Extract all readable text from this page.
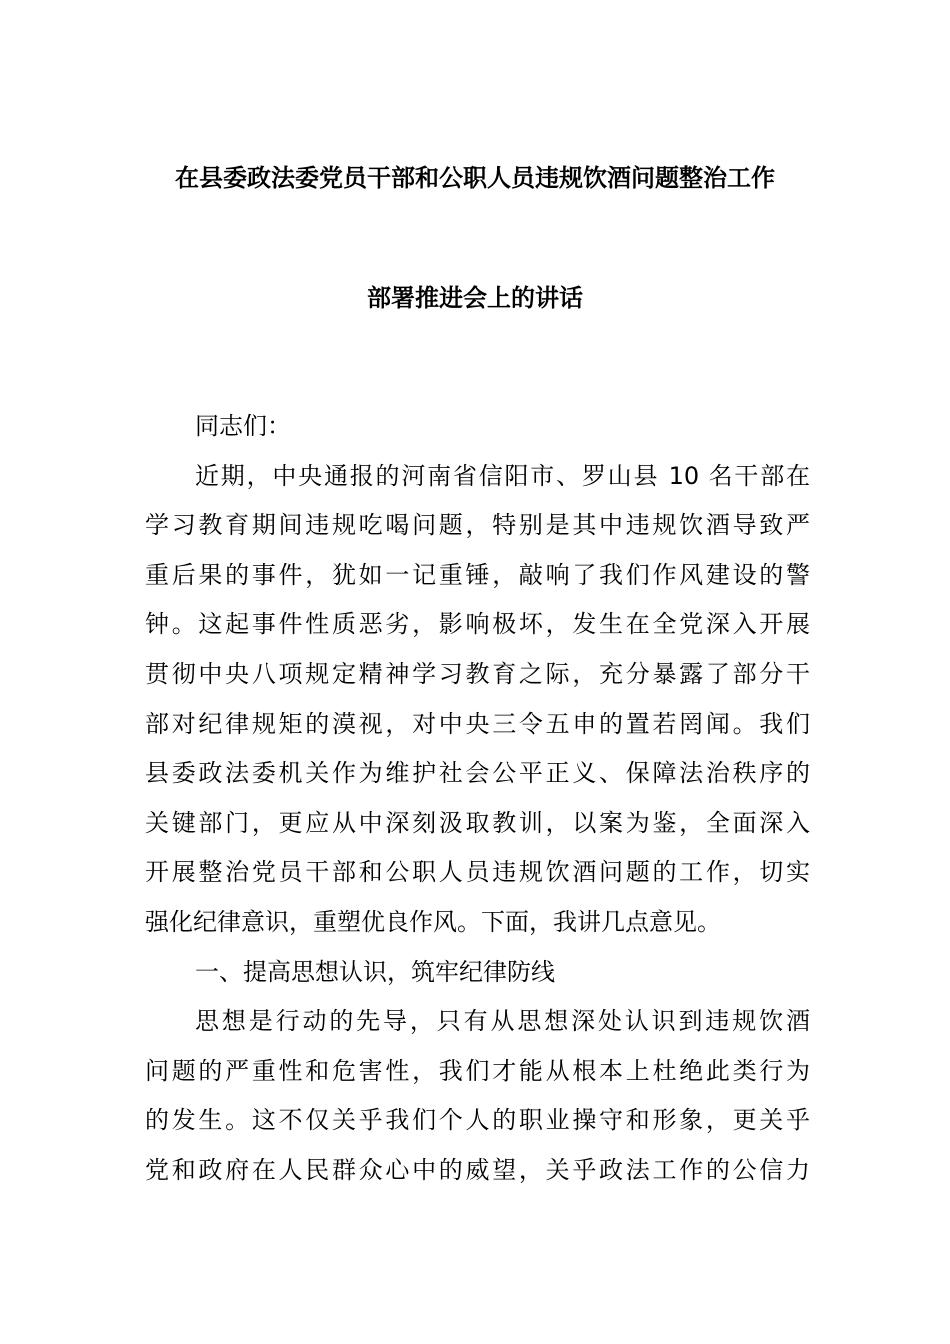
在县委政法委党员干部和公职人员违规饮酒问题整治工作
部署推进会上的讲话
同志们：
近期，中央通报的河南省信阳市、罗山县 10 名干部在
学习教育期间违规吃喝问题，特别是其中违规饮酒导致严
重后果的事件，犹如一记重锤，敲响了我们作风建设的警
钟。这起事件性质恶劣，影响极坏，发生在全党深入开展
贯彻中央八项规定精神学习教育之际，充分暴露了部分干
部对纪律规矩的漠视，对中央三令五申的置若罔闻。我们
县委政法委机关作为维护社会公平正义、保障法治秩序的
关键部门，更应从中深刻汲取教训，以案为鉴，全面深入
开展整治党员干部和公职人员违规饮酒问题的工作，切实
强化纪律意识，重塑优良作风。下面，我讲几点意见。
一、提高思想认识，筑牢纪律防线
思想是行动的先导，只有从思想深处认识到违规饮酒
问题的严重性和危害性，我们才能从根本上杜绝此类行为
的发生。这不仅关乎我们个人的职业操守和形象，更关乎
党和政府在人民群众心中的威望，关乎政法工作的公信力
